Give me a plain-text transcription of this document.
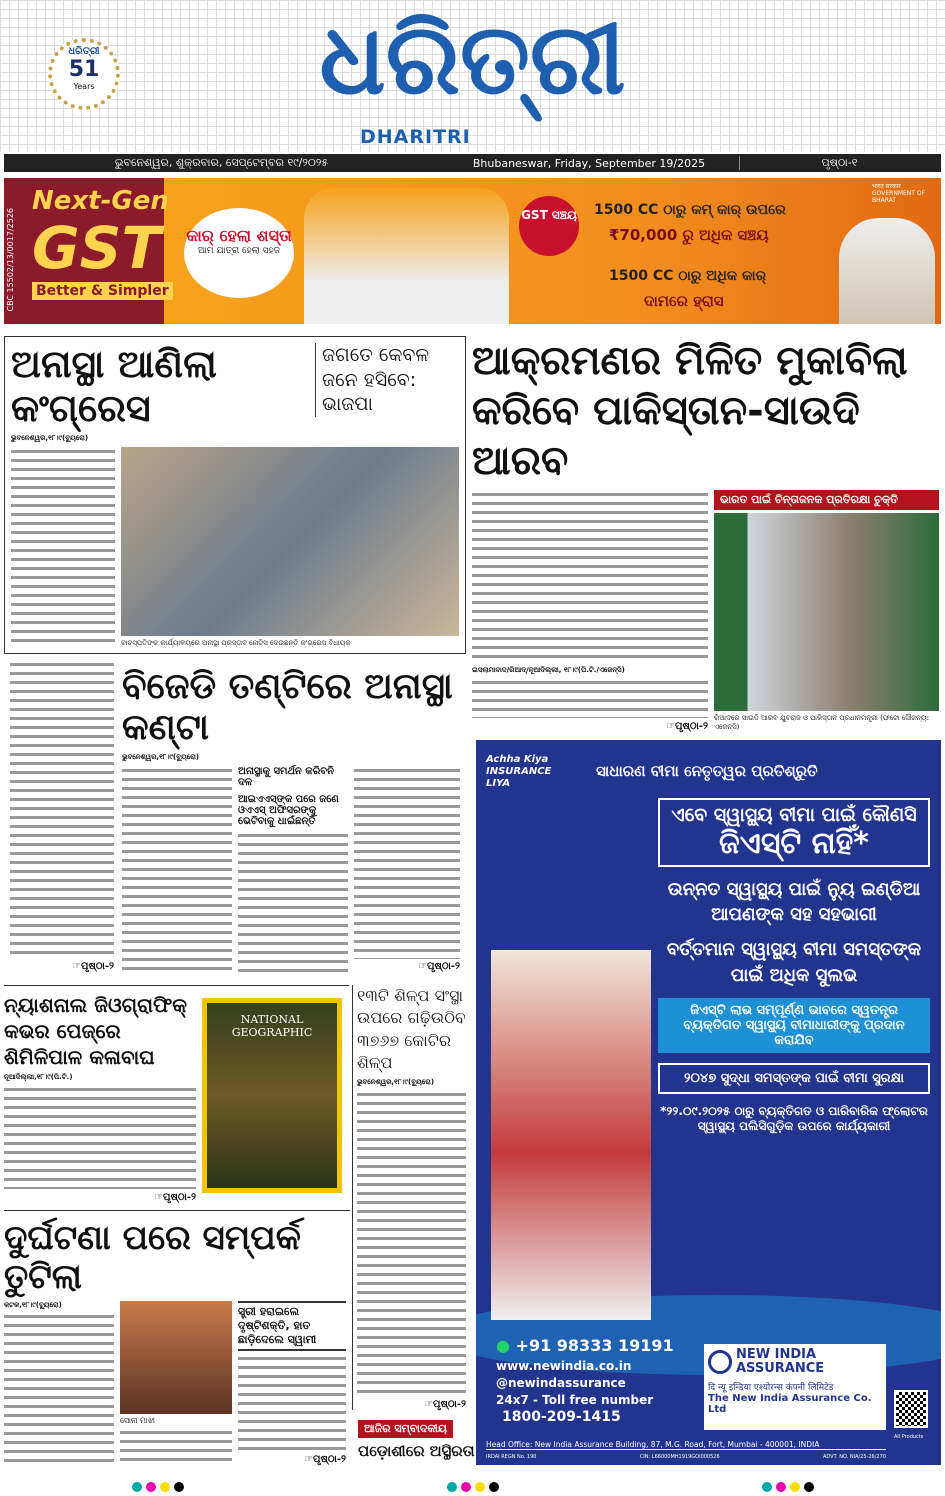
ଧରିତ୍ରୀ
51
Years	ଧରିତ୍ରୀ
DHARITRI
ଭୁବନେଶ୍ୱର, ଶୁକ୍ରବାର, ସେପ୍ଟେମ୍ବର ୧୯/୨୦୨୫	Bhubaneswar, Friday, September 19/2025	ପୃଷ୍ଠା-୧
CBC 15502/13/0017/2526
Next-Gen
GST
Better & Simpler
କାର୍ ହେଲା ଶସ୍ତା
ଆମ ଯାତ୍ରା ହେଲା ସହଜ
GST ସଞ୍ଚୟ
भारत सरकार GOVERNMENT OF BHARAT
1500 CC ଠାରୁ କମ୍ କାର୍ ଉପରେ
₹70,000 ରୁ ଅଧିକ ସଞ୍ଚୟ
1500 CC ଠାରୁ ଅଧିକ କାର୍
ଦାମରେ ହ୍ରାସ
ଅନାସ୍ଥା ଆଣିଲା କଂଗ୍ରେସ
ଜଗତେ କେବଳ ଜନେ ହସିବେ: ଭାଜପା
ଭୁବନେଶ୍ୱର,୧୮।୯(ବ୍ୟୁରୋ)
ବାଚସ୍ପତିଙ୍କ କାର୍ଯ୍ୟାଳୟରେ ଅନାସ୍ଥା ପ୍ରସ୍ତାବ ନୋଟିସ ଦେଉଛନ୍ତି କଂଗ୍ରେସ ବିଧାୟକ
☞ପୃଷ୍ଠା-୨
ବିଜେଡି ତଣ୍ଟିରେ ଅନାସ୍ଥା କଣ୍ଟା
ଭୁବନେଶ୍ୱର,୧୮।୯(ବ୍ୟୁରୋ)
ଅନାସ୍ଥାକୁ ସମର୍ଥନ କରିବନି ଦଳ
ଆଇଏଏସ୍‌ଙ୍କ ପରେ ଜଣେ ଓଏଏସ୍ ଅଫିସରଙ୍କୁ ଭେଟିବାକୁ ଧାଇଁଛନ୍ତି
☞ପୃଷ୍ଠା-୨
ଆକ୍ରମଣର ମିଳିତ ମୁକାବିଲା କରିବେ ପାକିସ୍ତାନ-ସାଉଦି ଆରବ
ଇସଲାମାବାଦ/ରିଆଦ୍/ନୂଆଦିଲ୍ଲୀ, ୧୮।୯(ପି.ଟି./ଏଜେନ୍ସି)
☞ପୃଷ୍ଠା-୨
ଭାରତ ପାଇଁ ଚିନ୍ତାଜନକ ପ୍ରତିରକ୍ଷା ଚୁକ୍ତି
ରିଆଦରେ ସାଉଦି ଆରବ ଯୁବରାଜ ଓ ପାକିସ୍ତାନ ପ୍ରଧାନମନ୍ତ୍ରୀ (ଫଟୋ ସୌଜନ୍ୟ: ଏଜେନ୍ସି)
ନ୍ୟାଶନାଲ ଜିଓଗ୍ରାଫିକ୍ କଭର ପେଜ୍‌ରେ ଶିମିଳିପାଳ କଳାବାଘ
ନୂଆଦିଲ୍ଲୀ,୧୮।୯(ପି.ଟି.)
☞ପୃଷ୍ଠା-୨
NATIONAL GEOGRAPHIC
୧୩ଟି ଶିଳ୍ପ ସଂସ୍ଥା ଉପରେ ଗଢ଼ିଉଠିବ ୩୭୬୭ କୋଟିର ଶିଳ୍ପ
ଭୁବନେଶ୍ୱର,୧୮।୯(ବ୍ୟୁରୋ)
☞ପୃଷ୍ଠା-୨
ଦୁର୍ଘଟଣା ପରେ ସମ୍ପର୍କ ତୁଟିଲା
କଟକ,୧୮।୯(ବ୍ୟୁରୋ)
ସୋନା ମାଝୀ
ସ୍ତ୍ରୀ ହରାଇଲେ ଦୃଷ୍ଟିଶକ୍ତି, ହାତ ଛାଡ଼ିଦେଲେ ସ୍ୱାମୀ
☞ପୃଷ୍ଠା-୨
ଆଜିର ସମ୍ବାଦକୀୟ
ପଡ଼ୋଶୀରେ ଅସ୍ଥିରତା
Achha Kiya INSURANCE LIYA
ସାଧାରଣ ବୀମା ନେତୃତ୍ୱର ପ୍ରତିଶ୍ରୁତି
ଏବେ ସ୍ୱାସ୍ଥ୍ୟ ବୀମା ପାଇଁ କୌଣସି
ଜିଏସ୍‌ଟି ନାହିଁ*
ଉନ୍ନତ ସ୍ୱାସ୍ଥ୍ୟ ପାଇଁ ନ୍ୟୁ ଇଣ୍ଡିଆ
ଆପଣଙ୍କ ସହ ସହଭାଗୀ
ବର୍ତ୍ତମାନ ସ୍ୱାସ୍ଥ୍ୟ ବୀମା ସମସ୍ତଙ୍କ
ପାଇଁ ଅଧିକ ସୁଲଭ
ଜିଏସ୍‌ଟି ଲାଭ ସମ୍ପୂର୍ଣ୍ଣ ଭାବରେ ସ୍ୱତନ୍ତ୍ର ବ୍ୟକ୍ତିଗତ ସ୍ୱାସ୍ଥ୍ୟ ବୀମାଧାରୀଙ୍କୁ ପ୍ରଦାନ କରାଯିବ
୨୦୪୭ ସୁଦ୍ଧା ସମସ୍ତଙ୍କ ପାଇଁ ବୀମା ସୁରକ୍ଷା
*୨୨.୦୯.୨୦୨୫ ଠାରୁ ବ୍ୟକ୍ତିଗତ ଓ ପାରିବାରିକ ଫ୍ଲୋଟର ସ୍ୱାସ୍ଥ୍ୟ ପଲିସିଗୁଡ଼ିକ ଉପରେ କାର୍ଯ୍ୟକାରୀ
● +91 98333 19191
www.newindia.co.in
@newindassurance
24x7 - Toll free number
1800-209-1415
NEW INDIA ASSURANCE
दि न्यू इन्डिया एश्योरन्स कंपनी लिमिटेड
The New India Assurance Co. Ltd
All Products
Head Office: New India Assurance Building, 87, M.G. Road, Fort, Mumbai - 400001, INDIA
IRDAI REGN No. 190	CIN: L66000MH1919GOI000526	ADVT. NO. NIA/25-26/270
